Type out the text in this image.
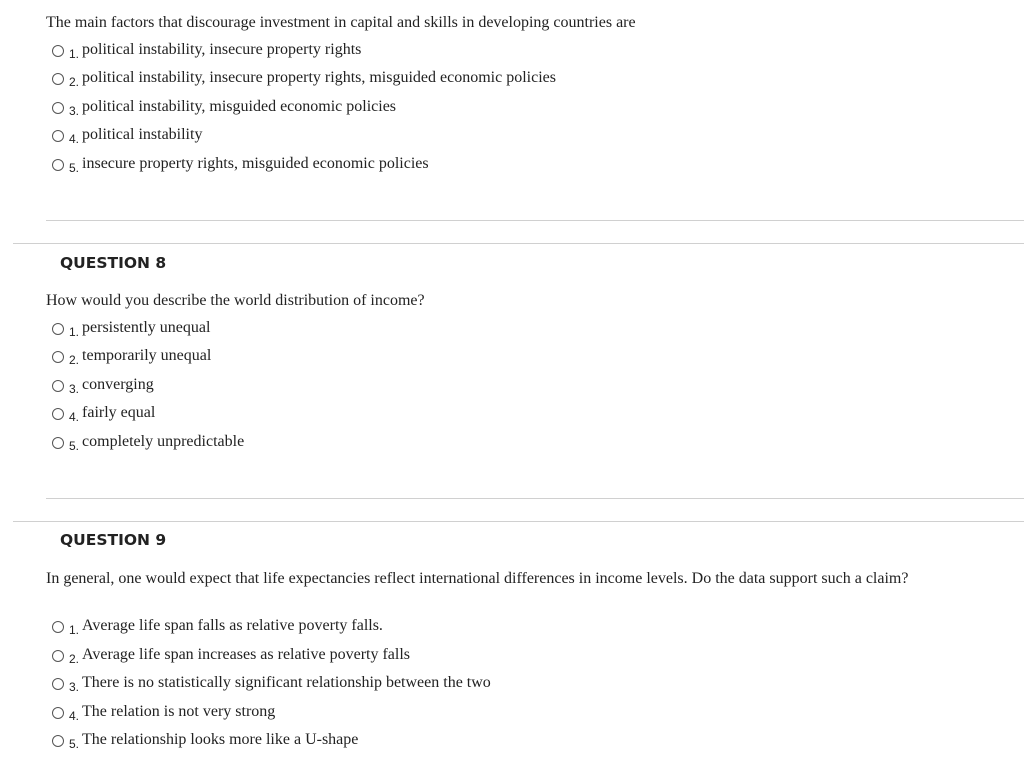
The main factors that discourage investment in capital and skills in developing countries are
1. political instability, insecure property rights
2. political instability, insecure property rights, misguided economic policies
3. political instability, misguided economic policies
4. political instability
5. insecure property rights, misguided economic policies
QUESTION 8
How would you describe the world distribution of income?
1. persistently unequal
2. temporarily unequal
3. converging
4. fairly equal
5. completely unpredictable
QUESTION 9
In general, one would expect that life expectancies reflect international differences in income levels. Do the data support such a claim?
1. Average life span falls as relative poverty falls.
2. Average life span increases as relative poverty falls
3. There is no statistically significant relationship between the two
4. The relation is not very strong
5. The relationship looks more like a U-shape
